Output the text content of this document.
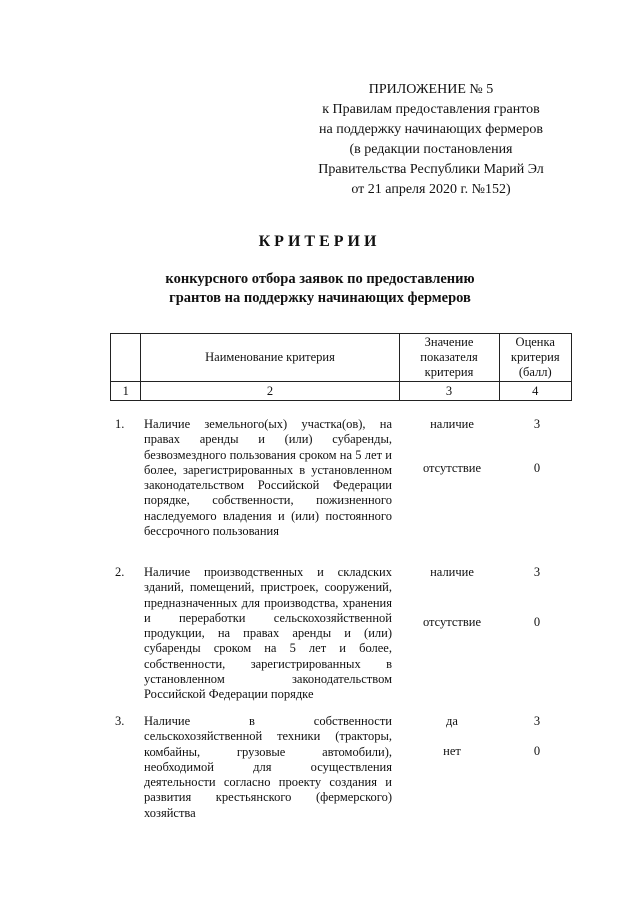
ПРИЛОЖЕНИЕ № 5
к Правилам предоставления грантов
на поддержку начинающих фермеров
(в редакции постановления
Правительства Республики Марий Эл
от 21 апреля 2020 г. №152)
КРИТЕРИИ
конкурсного отбора заявок по предоставлению
грантов на поддержку начинающих фермеров
	Наименование критерия	Значение показателя критерия	Оценка критерия (балл)
1	2	3	4
1. Наличие земельного(ых) участка(ов), на правах аренды и (или) субаренды, безвозмездного пользования сроком на 5 лет и более, зарегистрированных в установленном законодательством Российской Федерации порядке, собственности, пожизненного наследуемого владения и (или) постоянного бессрочного пользования
наличие	3
отсутствие	0
2. Наличие производственных и складских зданий, помещений, пристроек, сооружений, предназначенных для производства, хранения и переработки сельскохозяйственной продукции, на правах аренды и (или) субаренды сроком на 5 лет и более, собственности, зарегистрированных в установленном законодательством Российской Федерации порядке
наличие	3
отсутствие	0
3. Наличие в собственности сельскохозяйственной техники (тракторы, комбайны, грузовые автомобили), необходимой для осуществления деятельности согласно проекту создания и развития крестьянского (фермерского) хозяйства
да	3
нет	0
